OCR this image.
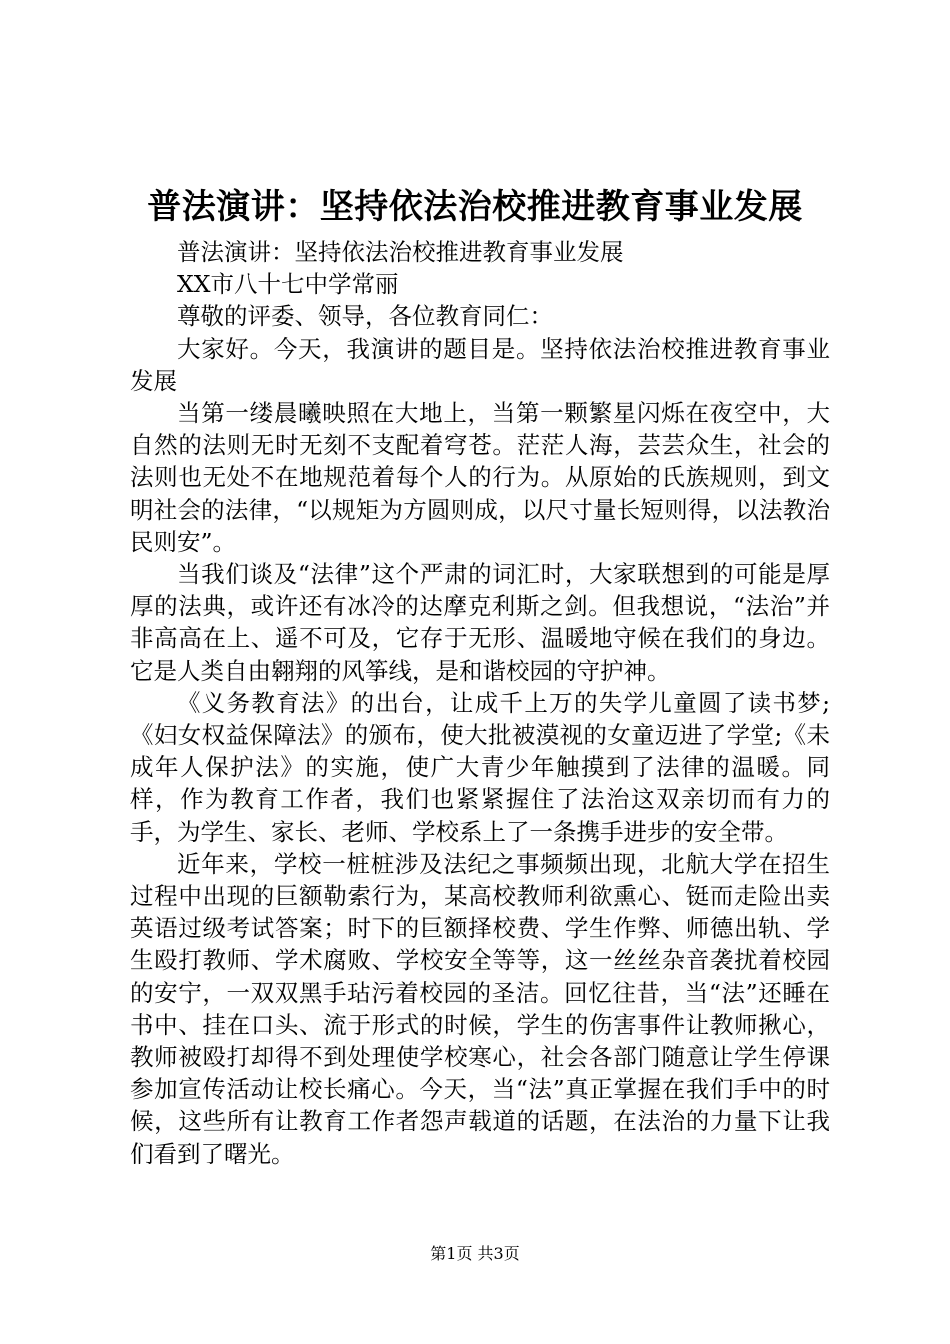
普法演讲：坚持依法治校推进教育事业发展

普法演讲：坚持依法治校推进教育事业发展

XX市八十七中学常丽

尊敬的评委、领导，各位教育同仁：

大家好。今天，我演讲的题目是。坚持依法治校推进教育事业发展

当第一缕晨曦映照在大地上，当第一颗繁星闪烁在夜空中，大自然的法则无时无刻不支配着穹苍。茫茫人海，芸芸众生，社会的法则也无处不在地规范着每个人的行为。从原始的氏族规则，到文明社会的法律，“以规矩为方圆则成，以尺寸量长短则得，以法教治民则安”。

当我们谈及“法律”这个严肃的词汇时，大家联想到的可能是厚厚的法典，或许还有冰冷的达摩克利斯之剑。但我想说，“法治”并非高高在上、遥不可及，它存于无形、温暖地守候在我们的身边。它是人类自由翱翔的风筝线，是和谐校园的守护神。

《义务教育法》的出台，让成千上万的失学儿童圆了读书梦;《妇女权益保障法》的颁布，使大批被漠视的女童迈进了学堂;《未成年人保护法》的实施，使广大青少年触摸到了法律的温暖。同样，作为教育工作者，我们也紧紧握住了法治这双亲切而有力的手，为学生、家长、老师、学校系上了一条携手进步的安全带。

近年来，学校一桩桩涉及法纪之事频频出现，北航大学在招生过程中出现的巨额勒索行为，某高校教师利欲熏心、铤而走险出卖英语过级考试答案；时下的巨额择校费、学生作弊、师德出轨、学生殴打教师、学术腐败、学校安全等等，这一丝丝杂音袭扰着校园的安宁，一双双黑手玷污着校园的圣洁。回忆往昔，当“法”还睡在书中、挂在口头、流于形式的时候，学生的伤害事件让教师揪心，教师被殴打却得不到处理使学校寒心，社会各部门随意让学生停课参加宣传活动让校长痛心。今天，当“法”真正掌握在我们手中的时候，这些所有让教育工作者怨声载道的话题，在法治的力量下让我们看到了曙光。

第1页 共3页
